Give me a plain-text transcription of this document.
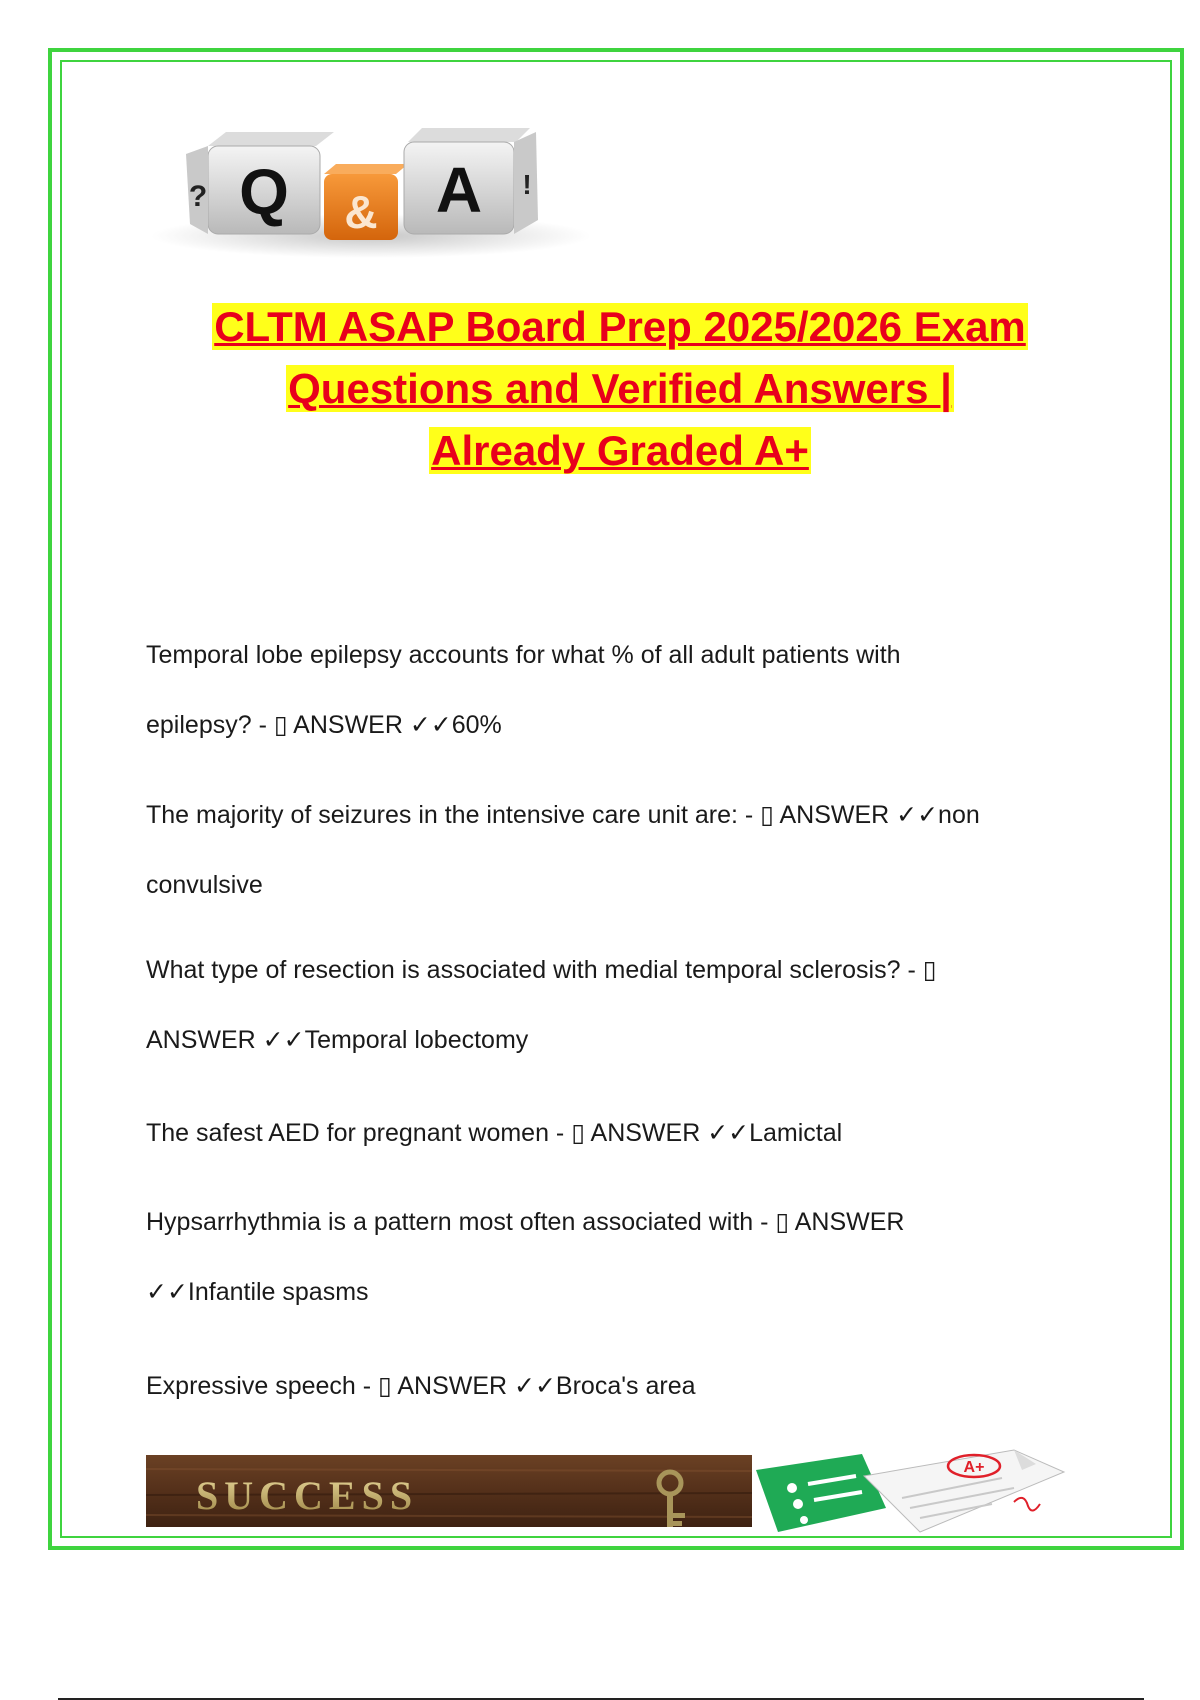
Q
?	& A !
CLTM ASAP Board Prep 2025/2026 Exam
Questions and Verified Answers |
Already Graded A+
Temporal lobe epilepsy accounts for what % of all adult patients with
epilepsy? - ▯ ANSWER ✓✓60%
The majority of seizures in the intensive care unit are: - ▯ ANSWER ✓✓non
convulsive
What type of resection is associated with medial temporal sclerosis? - ▯
ANSWER ✓✓Temporal lobectomy
The safest AED for pregnant women - ▯ ANSWER ✓✓Lamictal
Hypsarrhythmia is a pattern most often associated with - ▯ ANSWER
✓✓Infantile spasms
Expressive speech - ▯ ANSWER ✓✓Broca's area
SUCCESS
A+
